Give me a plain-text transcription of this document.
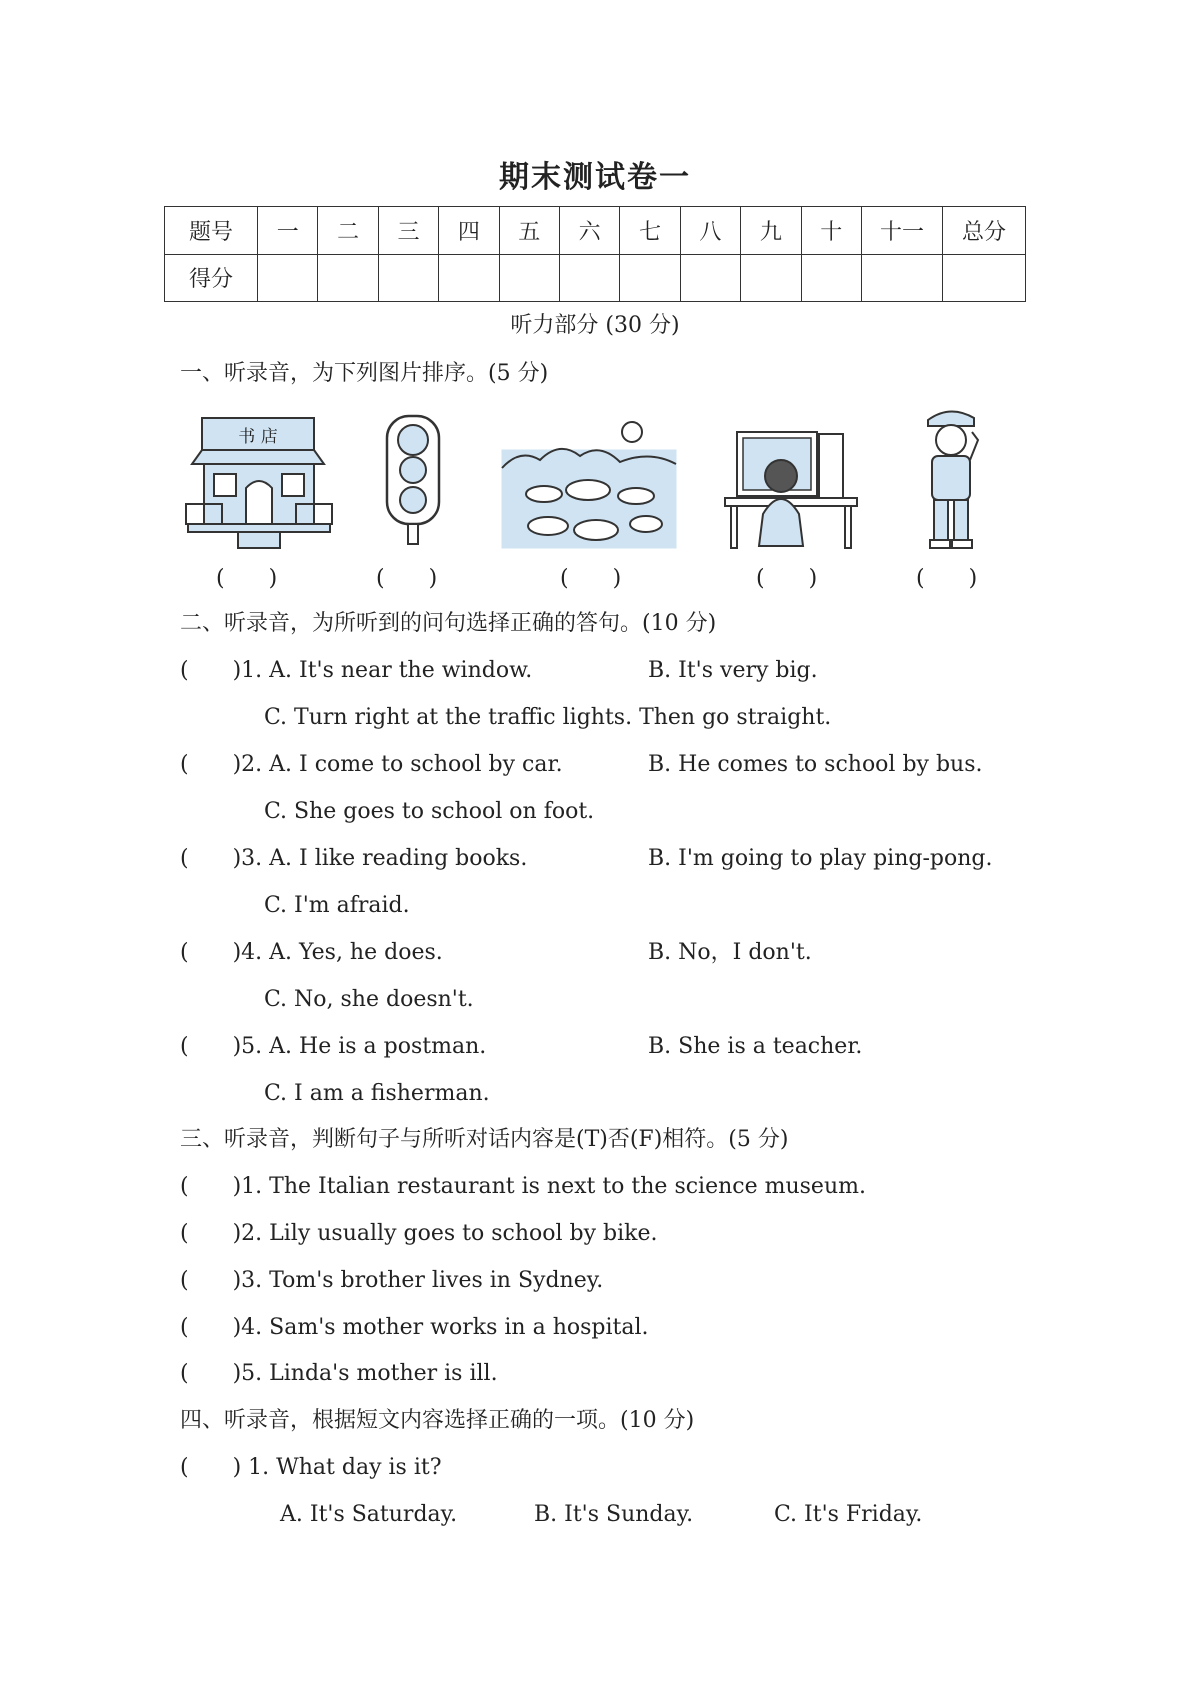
期末测试卷一
题号	一	二	三	四	五	六	七	八	九	十	十一	总分
得分												
听力部分 (30 分)
一、听录音，为下列图片排序。(5 分)
书 店
(　　)	(　　)	(　　)	(　　)	(　　)
二、听录音，为所听到的问句选择正确的答句。(10 分)
(　　)1. A. It's near the window.	B. It's very big.
C. Turn right at the traffic lights. Then go straight.
(　　)2. A. I come to school by car.	B. He comes to school by bus.
C. She goes to school on foot.
(　　)3. A. I like reading books.	B. I'm going to play ping-pong.
C. I'm afraid.
(　　)4. A. Yes, he does.	B. No，I don't.
C. No, she doesn't.
(　　)5. A. He is a postman.	B. She is a teacher.
C. I am a fisherman.
三、听录音，判断句子与所听对话内容是(T)否(F)相符。(5 分)
(　　)1. The Italian restaurant is next to the science museum.
(　　)2. Lily usually goes to school by bike.
(　　)3. Tom's brother lives in Sydney.
(　　)4. Sam's mother works in a hospital.
(　　)5. Linda's mother is ill.
四、听录音，根据短文内容选择正确的一项。(10 分)
(　　) 1. What day is it?
A. It's Saturday.	B. It's Sunday.	C. It's Friday.
